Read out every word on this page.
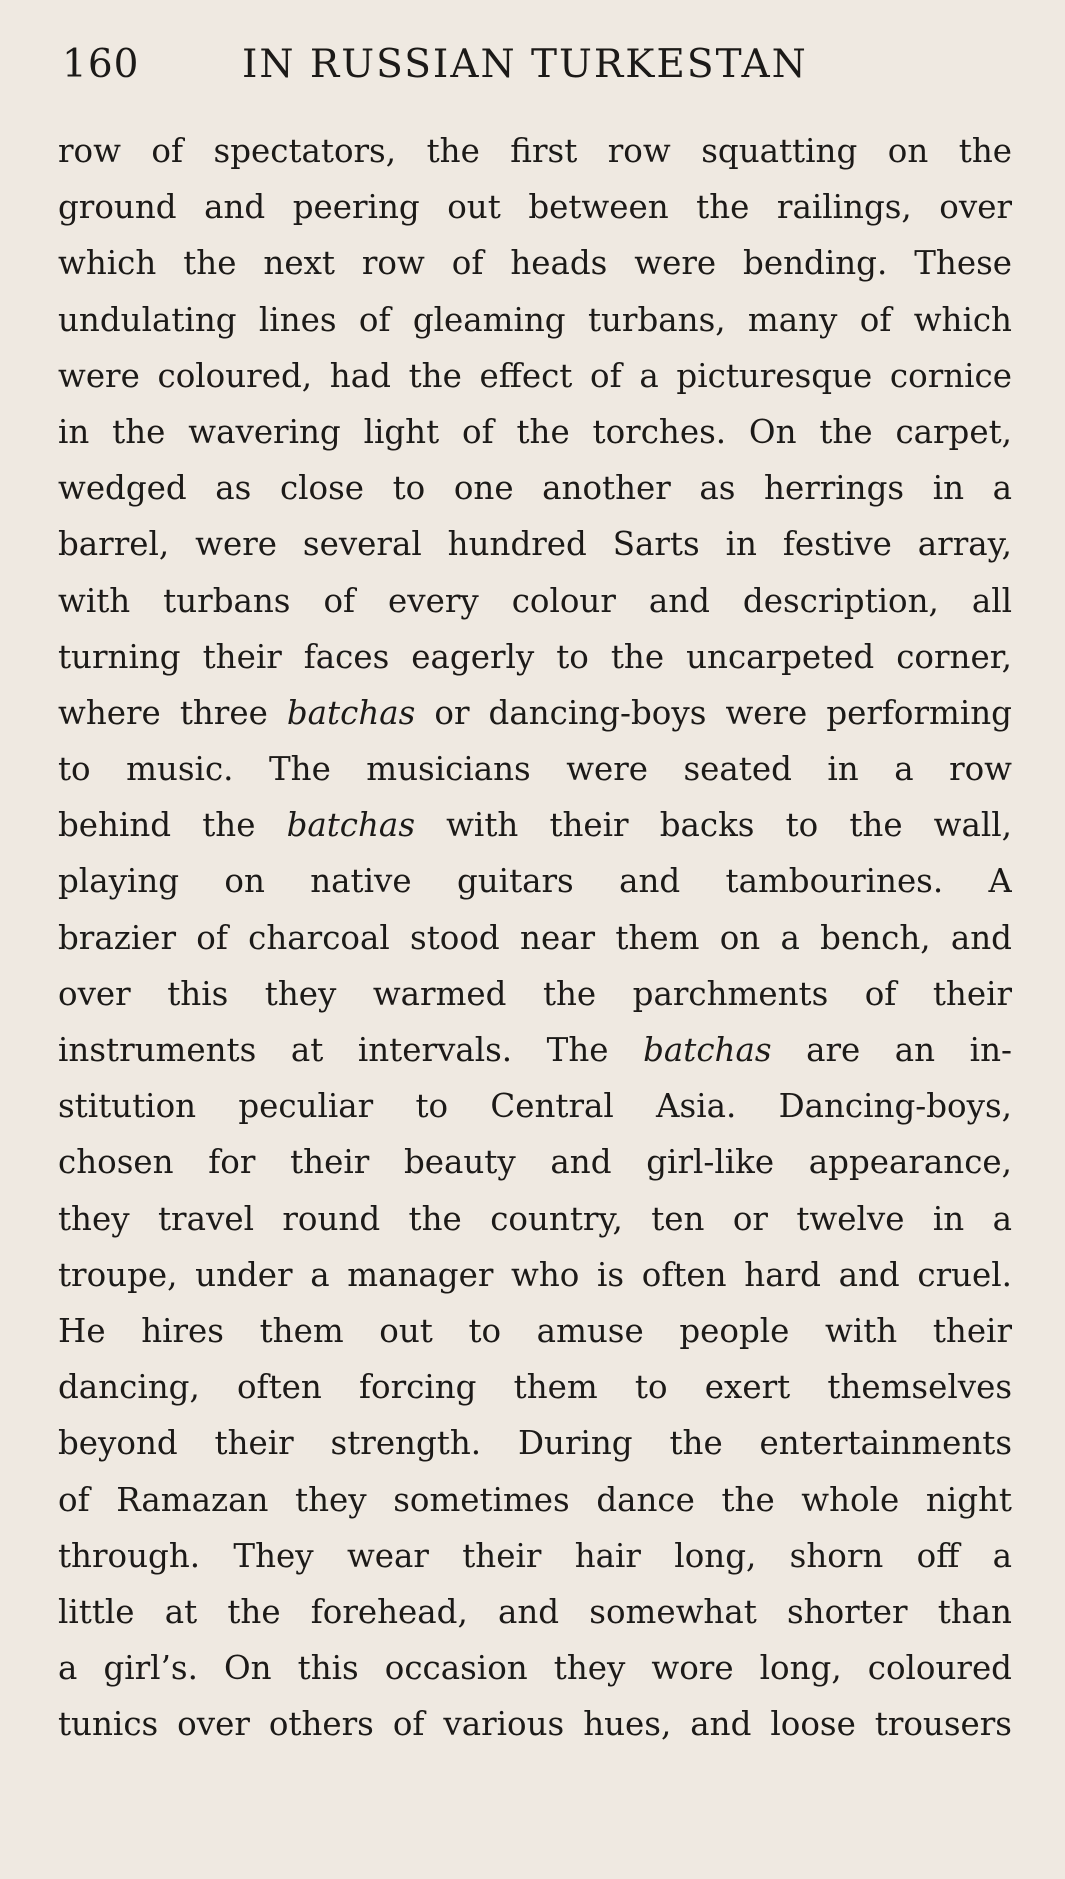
160	IN RUSSIAN TURKESTAN
row of spectators, the first row squatting on the
ground and peering out between the railings, over
which the next row of heads were bending. These
undulating lines of gleaming turbans, many of which
were coloured, had the effect of a picturesque cornice
in the wavering light of the torches. On the carpet,
wedged as close to one another as herrings in a
barrel, were several hundred Sarts in festive array,
with turbans of every colour and description, all
turning their faces eagerly to the uncarpeted corner,
where three batchas or dancing-boys were performing
to music. The musicians were seated in a row
behind the batchas with their backs to the wall,
playing on native guitars and tambourines. A
brazier of charcoal stood near them on a bench, and
over this they warmed the parchments of their
instruments at intervals. The batchas are an in-
stitution peculiar to Central Asia. Dancing-boys,
chosen for their beauty and girl-like appearance,
they travel round the country, ten or twelve in a
troupe, under a manager who is often hard and cruel.
He hires them out to amuse people with their
dancing, often forcing them to exert themselves
beyond their strength. During the entertainments
of Ramazan they sometimes dance the whole night
through. They wear their hair long, shorn off a
little at the forehead, and somewhat shorter than
a girl’s. On this occasion they wore long, coloured
tunics over others of various hues, and loose trousers
